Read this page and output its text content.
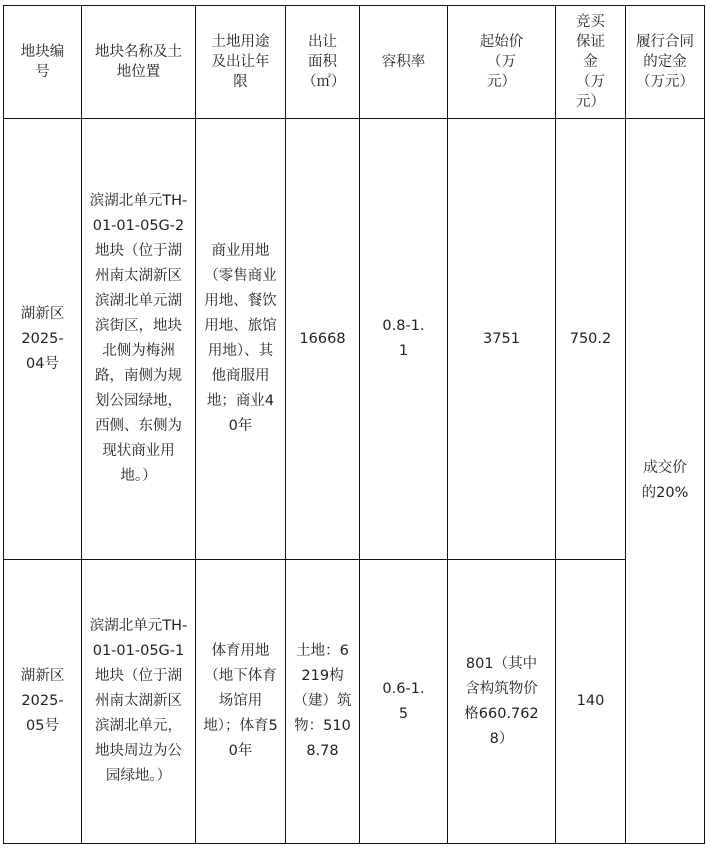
地块编号	地块名称及土地位置	土地用途及出让年限	出让面积（㎡）	容积率	起始价（万元）	竞买保证金（万元）	履行合同的定金（万元）
湖新区2025-04号	滨湖北单元TH-01-01-05G-2地块（位于湖州南太湖新区滨湖北单元湖滨街区，地块北侧为梅洲路，南侧为规划公园绿地，西侧、东侧为现状商业用地。）	商业用地（零售商业用地、餐饮用地、旅馆用地）、其他商服用地；商业40年	16668	0.8-1.1	3751	750.2	成交价的20%
湖新区2025-05号	滨湖北单元TH-01-01-05G-1地块（位于湖州南太湖新区滨湖北单元，地块周边为公园绿地。）	体育用地（地下体育场馆用地）；体育50年	土地：6219构（建）筑物：5108.78	0.6-1.5	801（其中含构筑物价格660.7628）	140	
